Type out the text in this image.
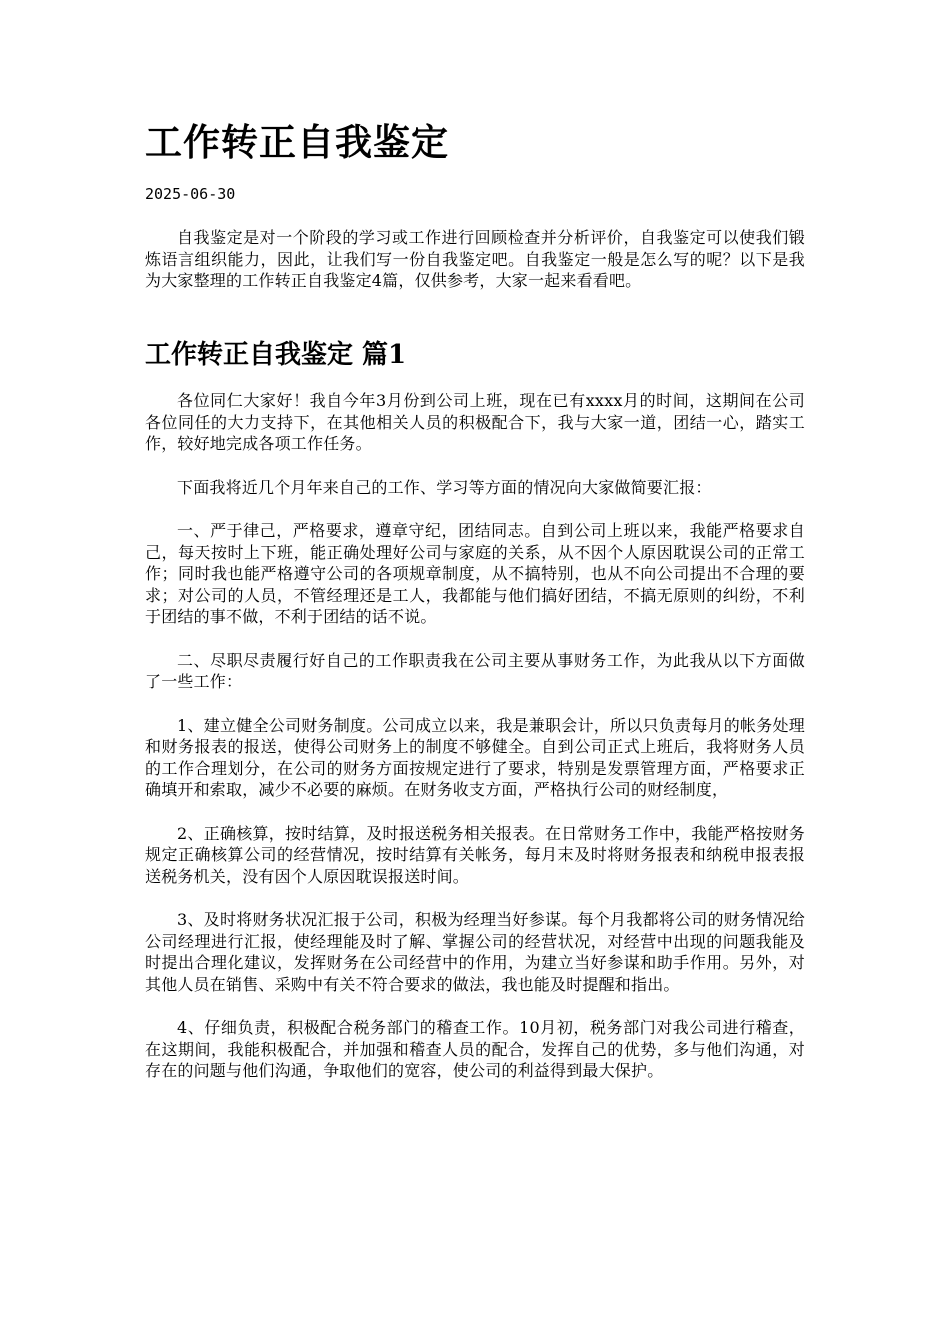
工作转正自我鉴定
2025-06-30

自我鉴定是对一个阶段的学习或工作进行回顾检查并分析评价，自我鉴定可以使我们锻炼语言组织能力，因此，让我们写一份自我鉴定吧。自我鉴定一般是怎么写的呢？以下是我为大家整理的工作转正自我鉴定4篇，仅供参考，大家一起来看看吧。

工作转正自我鉴定 篇1

各位同仁大家好！我自今年3月份到公司上班，现在已有xxxx月的时间，这期间在公司各位同任的大力支持下，在其他相关人员的积极配合下，我与大家一道，团结一心，踏实工作，较好地完成各项工作任务。

下面我将近几个月年来自己的工作、学习等方面的情况向大家做简要汇报：

一、严于律己，严格要求，遵章守纪，团结同志。自到公司上班以来，我能严格要求自己，每天按时上下班，能正确处理好公司与家庭的关系，从不因个人原因耽误公司的正常工作；同时我也能严格遵守公司的各项规章制度，从不搞特别，也从不向公司提出不合理的要求；对公司的人员，不管经理还是工人，我都能与他们搞好团结，不搞无原则的纠纷，不利于团结的事不做，不利于团结的话不说。

二、尽职尽责履行好自己的工作职责我在公司主要从事财务工作，为此我从以下方面做了一些工作：

1、建立健全公司财务制度。公司成立以来，我是兼职会计，所以只负责每月的帐务处理和财务报表的报送，使得公司财务上的制度不够健全。自到公司正式上班后，我将财务人员的工作合理划分，在公司的财务方面按规定进行了要求，特别是发票管理方面，严格要求正确填开和索取，减少不必要的麻烦。在财务收支方面，严格执行公司的财经制度，

2、正确核算，按时结算，及时报送税务相关报表。在日常财务工作中，我能严格按财务规定正确核算公司的经营情况，按时结算有关帐务，每月末及时将财务报表和纳税申报表报送税务机关，没有因个人原因耽误报送时间。

3、及时将财务状况汇报于公司，积极为经理当好参谋。每个月我都将公司的财务情况给公司经理进行汇报，使经理能及时了解、掌握公司的经营状况，对经营中出现的问题我能及时提出合理化建议，发挥财务在公司经营中的作用，为建立当好参谋和助手作用。另外，对其他人员在销售、采购中有关不符合要求的做法，我也能及时提醒和指出。

4、仔细负责，积极配合税务部门的稽查工作。10月初，税务部门对我公司进行稽查，在这期间，我能积极配合，并加强和稽查人员的配合，发挥自己的优势，多与他们沟通，对存在的问题与他们沟通，争取他们的宽容，使公司的利益得到最大保护。
